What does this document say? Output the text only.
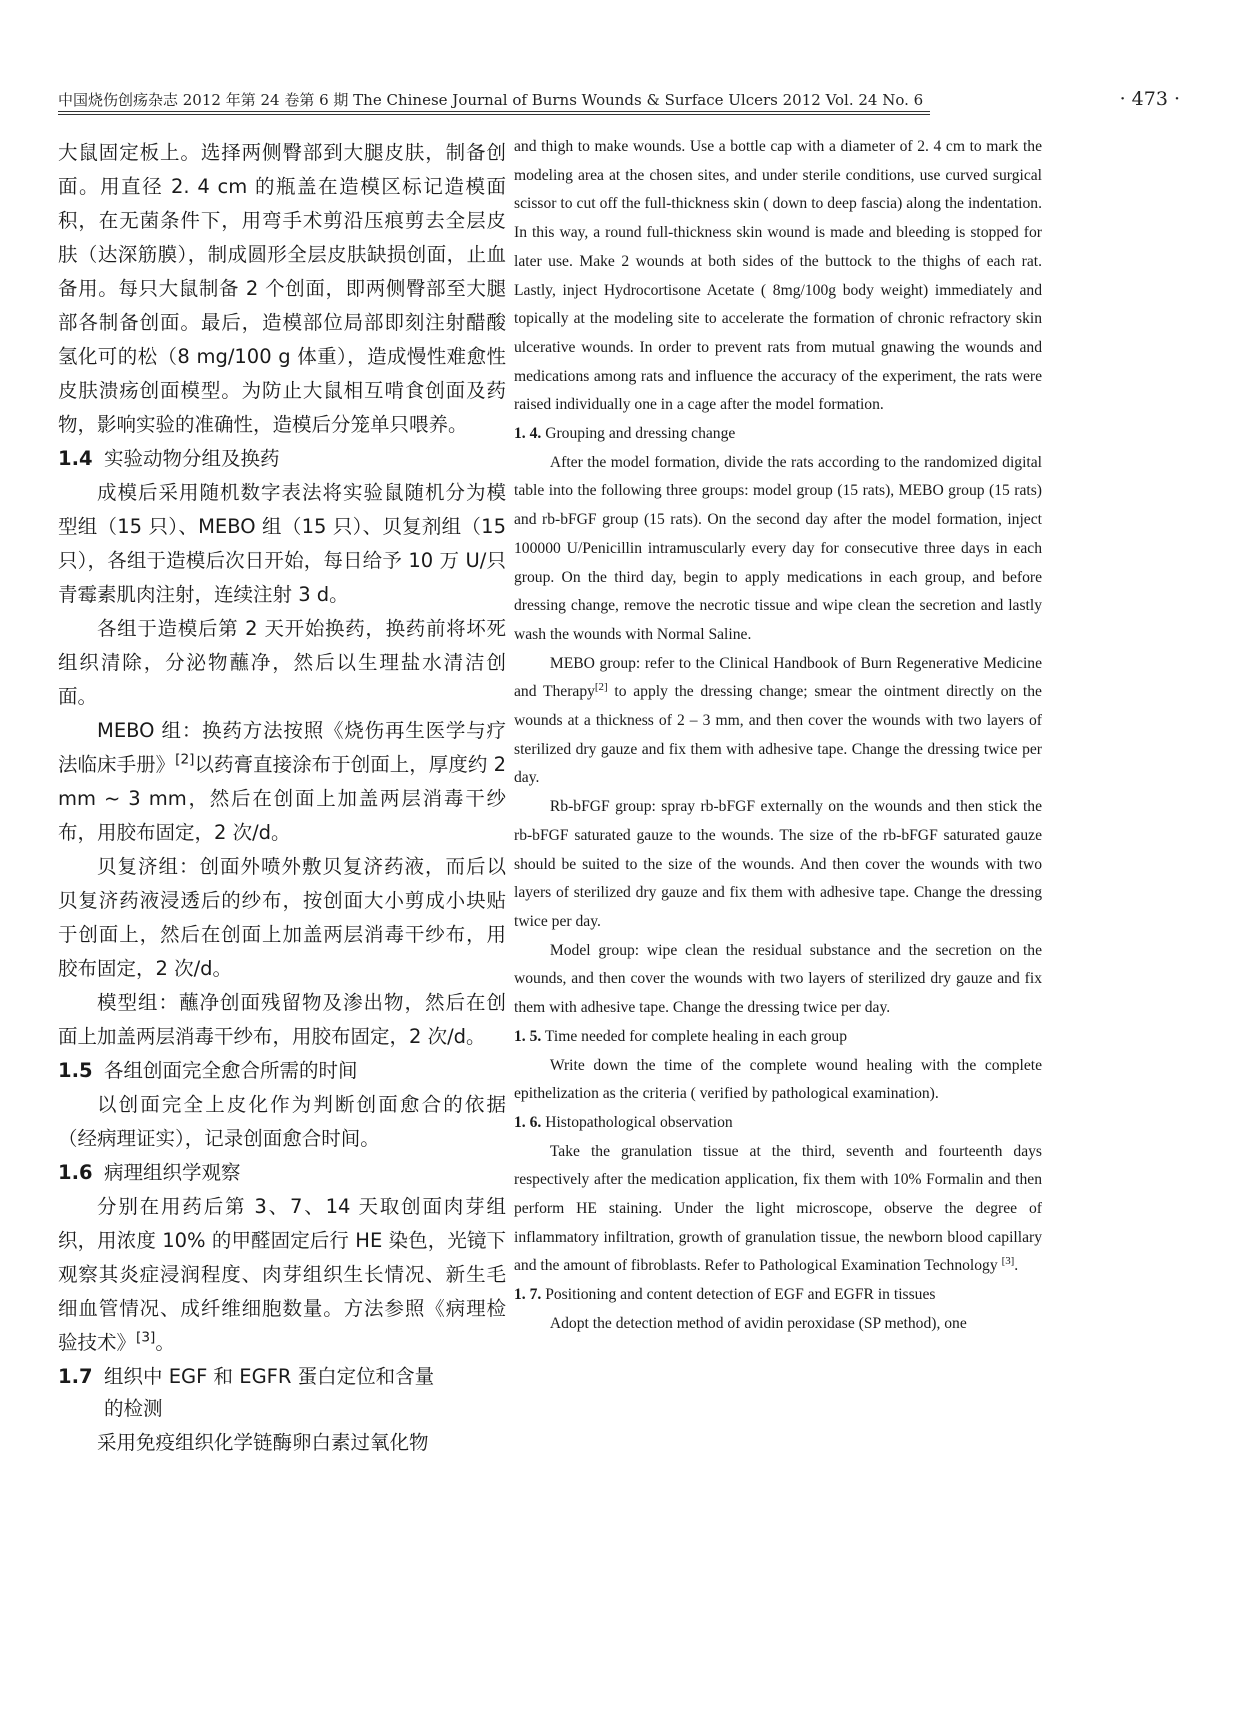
中国烧伤创疡杂志 2012 年第 24 卷第 6 期 The Chinese Journal of Burns Wounds & Surface Ulcers 2012 Vol. 24 No. 6	· 473 ·

大鼠固定板上。选择两侧臀部到大腿皮肤，制备创面。用直径 2. 4 cm 的瓶盖在造模区标记造模面积，在无菌条件下，用弯手术剪沿压痕剪去全层皮肤（达深筋膜），制成圆形全层皮肤缺损创面，止血备用。每只大鼠制备 2 个创面，即两侧臀部至大腿部各制备创面。最后，造模部位局部即刻注射醋酸氢化可的松（8 mg/100 g 体重），造成慢性难愈性皮肤溃疡创面模型。为防止大鼠相互啃食创面及药物，影响实验的准确性，造模后分笼单只喂养。

1.4 实验动物分组及换药

成模后采用随机数字表法将实验鼠随机分为模型组（15 只）、MEBO 组（15 只）、贝复剂组（15 只），各组于造模后次日开始，每日给予 10 万 U/只青霉素肌肉注射，连续注射 3 d。

各组于造模后第 2 天开始换药，换药前将坏死组织清除，分泌物蘸净，然后以生理盐水清洁创面。

MEBO 组：换药方法按照《烧伤再生医学与疗法临床手册》[2]以药膏直接涂布于创面上，厚度约 2 mm ~ 3 mm，然后在创面上加盖两层消毒干纱布，用胶布固定，2 次/d。

贝复济组：创面外喷外敷贝复济药液，而后以贝复济药液浸透后的纱布，按创面大小剪成小块贴于创面上，然后在创面上加盖两层消毒干纱布，用胶布固定，2 次/d。

模型组：蘸净创面残留物及渗出物，然后在创面上加盖两层消毒干纱布，用胶布固定，2 次/d。

1.5 各组创面完全愈合所需的时间

以创面完全上皮化作为判断创面愈合的依据（经病理证实），记录创面愈合时间。

1.6 病理组织学观察

分别在用药后第 3、7、14 天取创面肉芽组织，用浓度 10% 的甲醛固定后行 HE 染色，光镜下观察其炎症浸润程度、肉芽组织生长情况、新生毛细血管情况、成纤维细胞数量。方法参照《病理检验技术》[3]。

1.7 组织中 EGF 和 EGFR 蛋白定位和含量

的检测

采用免疫组织化学链酶卵白素过氧化物

and thigh to make wounds. Use a bottle cap with a diameter of 2. 4 cm to mark the modeling area at the chosen sites, and under sterile conditions, use curved surgical scissor to cut off the full-thickness skin ( down to deep fascia) along the indentation. In this way, a round full-thickness skin wound is made and bleeding is stopped for later use. Make 2 wounds at both sides of the buttock to the thighs of each rat. Lastly, inject Hydrocortisone Acetate ( 8mg/100g body weight) immediately and topically at the modeling site to accelerate the formation of chronic refractory skin ulcerative wounds. In order to prevent rats from mutual gnawing the wounds and medications among rats and influence the accuracy of the experiment, the rats were raised individually one in a cage after the model formation.

1. 4. Grouping and dressing change

After the model formation, divide the rats according to the randomized digital table into the following three groups: model group (15 rats), MEBO group (15 rats) and rb-bFGF group (15 rats). On the second day after the model formation, inject 100000 U/Penicillin intramuscularly every day for consecutive three days in each group. On the third day, begin to apply medications in each group, and before dressing change, remove the necrotic tissue and wipe clean the secretion and lastly wash the wounds with Normal Saline.

MEBO group: refer to the Clinical Handbook of Burn Regenerative Medicine and Therapy[2] to apply the dressing change; smear the ointment directly on the wounds at a thickness of 2 – 3 mm, and then cover the wounds with two layers of sterilized dry gauze and fix them with adhesive tape. Change the dressing twice per day.

Rb-bFGF group: spray rb-bFGF externally on the wounds and then stick the rb-bFGF saturated gauze to the wounds. The size of the rb-bFGF saturated gauze should be suited to the size of the wounds. And then cover the wounds with two layers of sterilized dry gauze and fix them with adhesive tape. Change the dressing twice per day.

Model group: wipe clean the residual substance and the secretion on the wounds, and then cover the wounds with two layers of sterilized dry gauze and fix them with adhesive tape. Change the dressing twice per day.

1. 5. Time needed for complete healing in each group

Write down the time of the complete wound healing with the complete epithelization as the criteria ( verified by pathological examination).

1. 6. Histopathological observation

Take the granulation tissue at the third, seventh and fourteenth days respectively after the medication application, fix them with 10% Formalin and then perform HE staining. Under the light microscope, observe the degree of inflammatory infiltration, growth of granulation tissue, the newborn blood capillary and the amount of fibroblasts. Refer to Pathological Examination Technology [3].

1. 7. Positioning and content detection of EGF and EGFR in tissues

Adopt the detection method of avidin peroxidase (SP method), one
